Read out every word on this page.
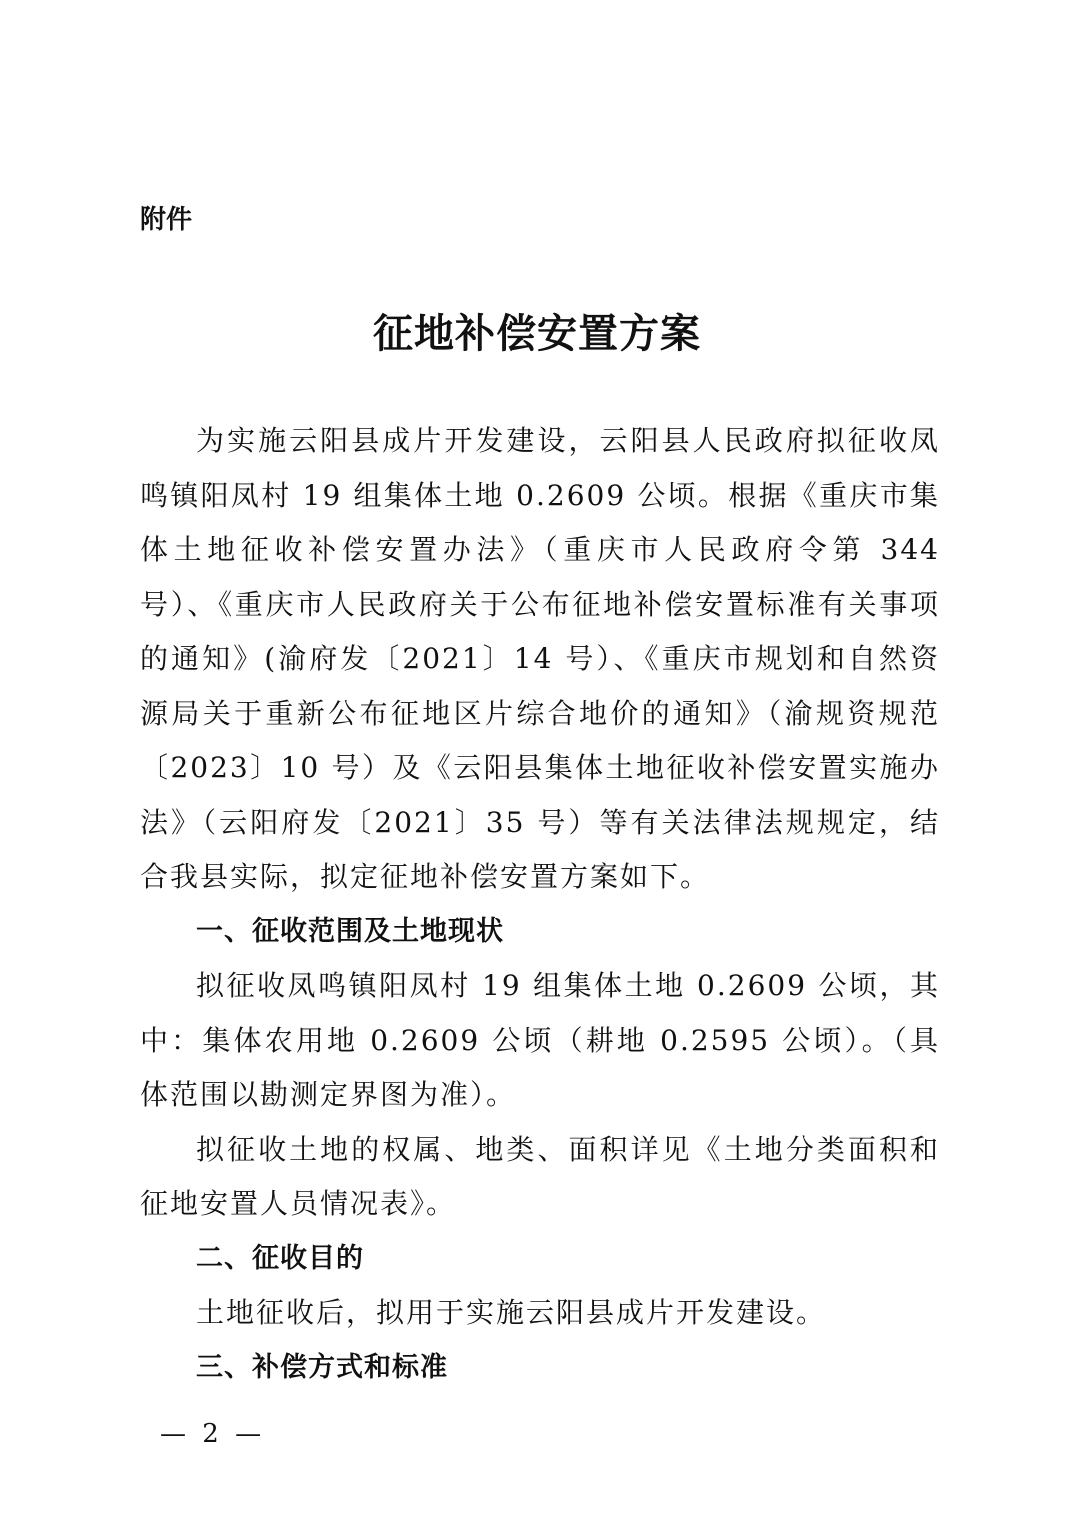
附件
征地补偿安置方案

为实施云阳县成片开发建设，云阳县人民政府拟征收凤鸣镇阳凤村 19 组集体土地 0.2609 公顷。根据《重庆市集体土地征收补偿安置办法》（重庆市人民政府令第 344 号）、《重庆市人民政府关于公布征地补偿安置标准有关事项的通知》(渝府发〔2021〕14 号）、《重庆市规划和自然资源局关于重新公布征地区片综合地价的通知》（渝规资规范〔2023〕10 号）及《云阳县集体土地征收补偿安置实施办法》（云阳府发〔2021〕35 号）等有关法律法规规定，结合我县实际，拟定征地补偿安置方案如下。

一、征收范围及土地现状

拟征收凤鸣镇阳凤村 19 组集体土地 0.2609 公顷，其中：集体农用地 0.2609 公顷（耕地 0.2595 公顷）。（具体范围以勘测定界图为准）。

拟征收土地的权属、地类、面积详见《土地分类面积和征地安置人员情况表》。

二、征收目的

土地征收后，拟用于实施云阳县成片开发建设。

三、补偿方式和标准

— 2 —
